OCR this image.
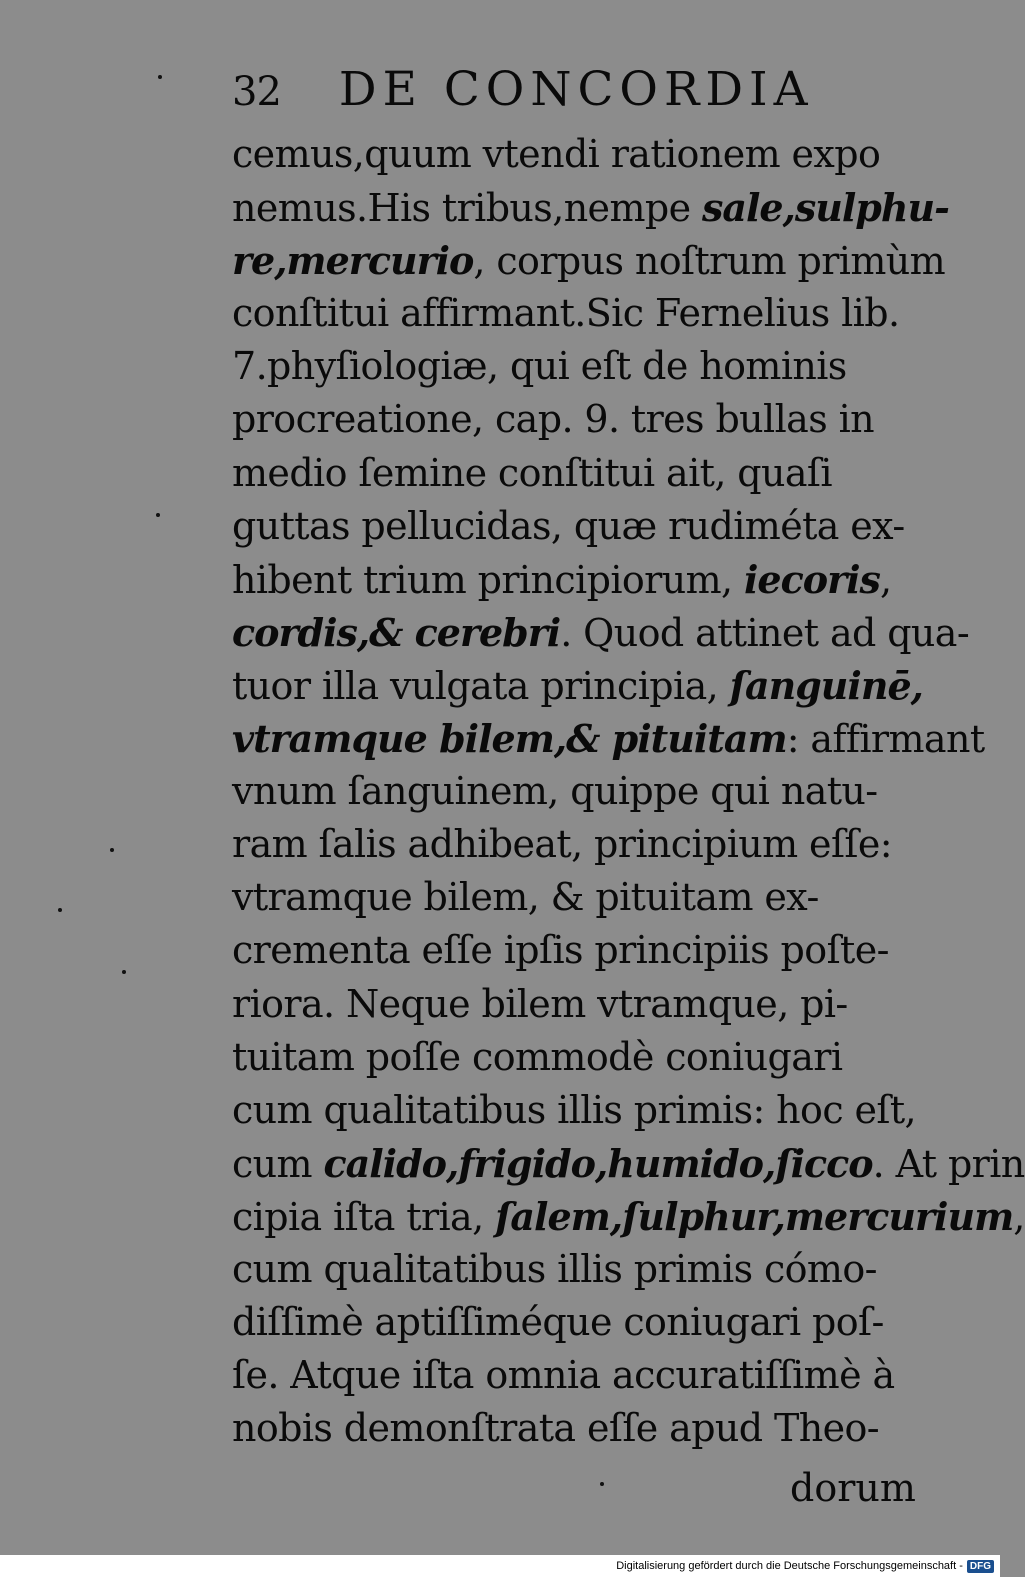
32 DE CONCORDIA
cemus,quum vtendi rationem expo
nemus.His tribus,nempe sale,sulphu-
re,mercurio, corpus noſtrum primùm
conſtitui affirmant.Sic Fernelius lib.
7.phyſiologiæ, qui eſt de hominis
procreatione, cap. 9. tres bullas in
medio ſemine conſtitui ait, quaſi
guttas pellucidas, quæ rudiméta ex-
hibent trium principiorum, iecoris,
cordis,& cerebri. Quod attinet ad qua-
tuor illa vulgata principia, ſanguinē,
vtramque bilem,& pituitam: affirmant
vnum ſanguinem, quippe qui natu-
ram ſalis adhibeat, principium eſſe:
vtramque bilem, & pituitam ex-
crementa eſſe ipſis principiis poſte-
riora. Neque bilem vtramque, pi-
tuitam poſſe commodè coniugari
cum qualitatibus illis primis: hoc eſt,
cum calido,frigido,humido,ſicco. At prin
cipia iſta tria, ſalem,ſulphur,mercurium,
cum qualitatibus illis primis cómo-
diſſimè aptiſſiméque coniugari poſ-
ſe. Atque iſta omnia accuratiſſimè à
nobis demonſtrata eſſe apud Theo-
dorum
Digitalisierung gefördert durch die Deutsche Forschungsgemeinschaft - DFG
